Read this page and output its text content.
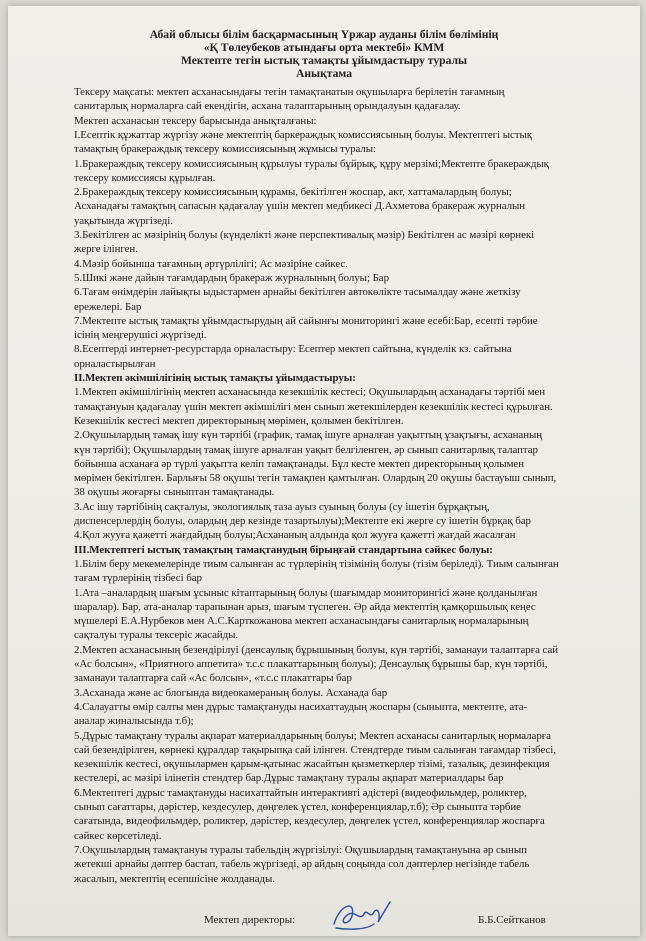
Абай облысы білім басқармасының Үржар ауданы білім бөлімінің
«Қ Төлеубеков атындағы орта мектебі» КММ
Мектепте тегін ыстық тамақты ұйымдастыру туралы
Анықтама
Тексеру мақсаты: мектеп асханасындағы тегін тамақтанатын оқушыларға берілетін тағамның
санитарлық нормаларға сай екендігін, асхана талаптарының орындалуын қадағалау.
Мектеп асханасын тексеру барысында анықталғаны:
І.Есептік құжаттар жүргізу және мектептің баркераждық комиссиясының болуы. Мектептегі ыстық
тамақтың бракераждық тексеру комиссиясының жұмысы туралы:
1.Бракераждық тексеру комиссиясының құрылуы туралы бұйрық, құру мерзімі;Мектепте бракераждық
тексеру комиссиясы құрылған.
2.Бракераждық тексеру комиссиясының құрамы, бекітілген жоспар, акт, хаттамалардың болуы;
Асханадағы тамақтың сапасын қадағалау үшін мектеп медбикесі Д.Ахметова бракераж журналын
уақытында жүргізеді.
3.Бекітілген ас мәзірінің болуы (күнделікті және перспективалық мәзір) Бекітілген ас мәзірі көрнекі
жерге ілінген.
4.Мәзір бойынша тағамның әртүрлілігі; Ас мәзіріне сәйкес.
5.Шикі және дайын тағамдардың бракераж журналының болуы; Бар
6.Тағам өнімдерін лайықты ыдыстармен арнайы бекітілген автокөлікте тасымалдау және жеткізу
ережелері. Бар
7.Мектепте ыстық тамақты ұйымдастырудың ай сайынғы мониторингі және есебі:Бар, есепті тәрбие
ісінің меңгерушісі жүргізеді.
8.Есептерді интернет-ресурстарда орналастыру: Есептер мектеп сайтына, күнделік кз. сайтына
орналастырылған
ІІ.Мектеп әкімшілігінің ыстық тамақты ұйымдастыруы:
1.Мектеп әкімшілігінің мектеп асханасында кезекшілік кестесі; Оқушылардың асханадағы тәртібі мен
тамақтануын қадағалау үшін мектеп әкімшілігі мен сынып жетекшілерден кезекшілік кестесі құрылған.
Кезекшілік кестесі мектеп директорының мөрімен, қолымен бекітілген.
2.Оқушылардың тамақ ішу күн тәртібі (график, тамақ ішуге арналған уақыттың ұзақтығы, асхананың
күн тәртібі); Оқушылардың тамақ ішуге арналған уақыт белгіленген, әр сынып санитарлық талаптар
бойынша асханаға әр түрлі уақытта келіп тамақтанады. Бұл кесте мектеп директорының қолымен
мөрімен бекітілген. Барлығы 58 оқушы тегін тамақпен қамтылған. Олардың 20 оқушы бастауыш сынып,
38 оқушы жоғарғы сыныптан тамақтанады.
3.Ас ішу тәртібінің сақталуы, экологиялық таза ауыз суының болуы (су ішетін бұрқақтың,
диспенсерлердің болуы, олардың дер кезінде тазартылуы);Мектепте екі жерге су ішетін бұрқақ бар
4.Қол жууға қажетті жағдайдың болуы;Асхананың алдында қол жууға қажетті жағдай жасалған
ІІІ.Мектептегі ыстық тамақтың тамақтанудың бірыңғай стандартына сәйкес болуы:
1.Білім беру мекемелерінде тиым салынған ас түрлерінің тізімінің болуы (тізім беріледі). Тиым салынған
тағам түрлерінің тізбесі бар
1.Ата –аналардың шағым ұсыныс кітаптарының болуы (шағымдар мониторингісі және қолданылған
шаралар). Бар, ата-аналар тарапынан арыз, шағым түспеген. Әр айда мектептің қамқоршылық кеңес
мүшелері Е.А.Нурбеков мен А.С.Карткожанова мектеп асханасындағы санитарлық нормаларының
сақталуы туралы тексеріс жасайды.
2.Мектеп асханасының безендірілуі (денсаулық бұрышының болуы, күн тәртібі, заманауи талаптарға сай
«Ас болсын», «Приятного аппетита» т.с.с плакаттарының болуы); Денсаулық бұрышы бар, күн тәртібі,
заманауи талаптарға сай «Ас болсын», «т.с.с плакаттары бар
3.Асханада және ас блогында видеокамераның болуы. Асханада бар
4.Салауатты өмір салты мен дұрыс тамақтануды насихаттаудың жоспары (сыныпта, мектепте, ата-
аналар жиналысында т.б);
5.Дұрыс тамақтану туралы ақпарат материалдарының болуы; Мектеп асханасы санитарлық нормаларға
сай безендірілген, көрнекі құралдар тақырыпқа сай ілінген. Стендтерде тиым салынған тағамдар тізбесі,
кезекшілік кестесі, оқушылармен қарым-қатынас жасайтын қызметкерлер тізімі, тазалық, дезинфекция
кестелері, ас мәзірі ілінетін стендтер бар.Дұрыс тамақтану туралы ақпарат материалдары бар
6.Мектептегі дұрыс тамақтануды насихаттайтын интерактивті әдістері (видеофильмдер, роликтер,
сынып сағаттары, дәрістер, кездесулер, дөңгелек үстел, конференциялар,т.б); Әр сыныпта тәрбие
сағатында, видеофильмдер, роликтер, дәрістер, кездесулер, дөңгелек үстел, конференциялар жоспарға
сәйкес көрсетіледі.
7.Оқушылардың тамақтануы туралы табельдің жүргізілуі: Оқушылардың тамақтануына әр сынып
жетекші арнайы дәптер бастап, табель жүргізеді, әр айдың соңында сол дәптерлер негізінде табель
жасалып, мектептің есепшісіне жолданады.
Мектеп директоры:	Б.Б.Сейтканов
